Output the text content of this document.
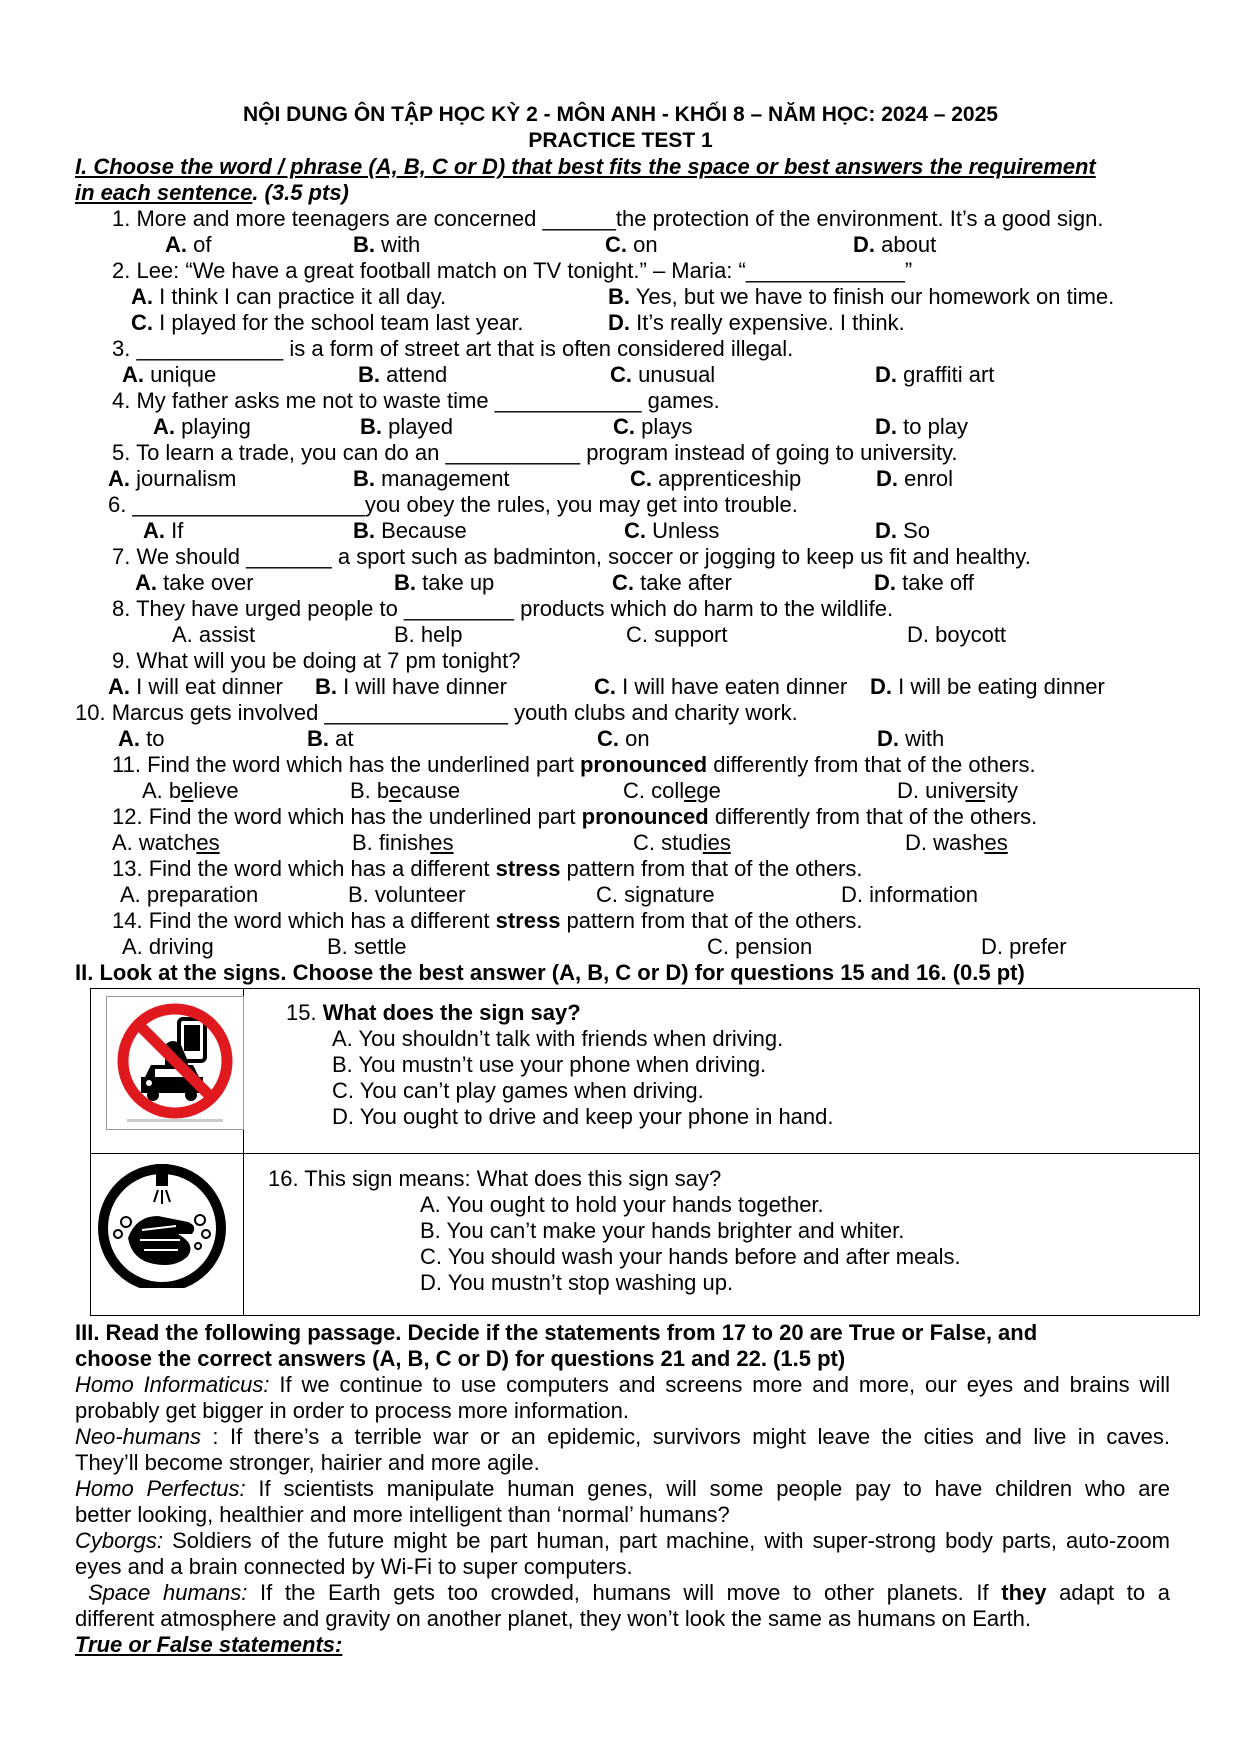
NỘI DUNG ÔN TẬP HỌC KỲ 2 - MÔN ANH - KHỐI 8 – NĂM HỌC: 2024 – 2025
PRACTICE TEST 1
I. Choose the word / phrase (A, B, C or D) that best fits the space or best answers the requirement
in each sentence. (3.5 pts)
1. More and more teenagers are concerned ______the protection of the environment. It’s a good sign.
A. of	B. with	C. on	D. about
2. Lee: “We have a great football match on TV tonight.” – Maria: “_____________”
A. I think I can practice it all day.	B. Yes, but we have to finish our homework on time.
C. I played for the school team last year.	D. It’s really expensive. I think.
3. ____________ is a form of street art that is often considered illegal.
A. unique	B. attend	C. unusual	D. graffiti art
4. My father asks me not to waste time ____________ games.
A. playing	B. played	C. plays	D. to play
5. To learn a trade, you can do an ___________ program instead of going to university.
A. journalism	B. management	C. apprenticeship	D. enrol
6. ___________________you obey the rules, you may get into trouble.
A. If	B. Because	C. Unless	D. So
7. We should _______ a sport such as badminton, soccer or jogging to keep us fit and healthy.
A. take over	B. take up	C. take after	D. take off
8. They have urged people to _________ products which do harm to the wildlife.
A. assist	B. help	C. support	D. boycott
9. What will you be doing at 7 pm tonight?
A. I will eat dinner B. I will have dinner	C. I will have eaten dinner D. I will be eating dinner
10. Marcus gets involved _______________ youth clubs and charity work.
A. to	B. at	C. on	D. with
11. Find the word which has the underlined part pronounced differently from that of the others.
A. believe	B. because	C. college	D. university
12. Find the word which has the underlined part pronounced differently from that of the others.
A. watches	B. finishes	C. studies	D. washes
13. Find the word which has a different stress pattern from that of the others.
A. preparation	B. volunteer	C. signature	D. information
14. Find the word which has a different stress pattern from that of the others.
A. driving	B. settle	C. pension	D. prefer
II. Look at the signs. Choose the best answer (A, B, C or D) for questions 15 and 16. (0.5 pt)
15. What does the sign say?
A. You shouldn’t talk with friends when driving.
B. You mustn’t use your phone when driving.
C. You can’t play games when driving.
D. You ought to drive and keep your phone in hand.
16. This sign means: What does this sign say?
A. You ought to hold your hands together.
B. You can’t make your hands brighter and whiter.
C. You should wash your hands before and after meals.
D. You mustn’t stop washing up.
III. Read the following passage. Decide if the statements from 17 to 20 are True or False, and
choose the correct answers (A, B, C or D) for questions 21 and 22. (1.5 pt)
Homo Informaticus: If we continue to use computers and screens more and more, our eyes and brains will
probably get bigger in order to process more information.
Neo-humans : If there’s a terrible war or an epidemic, survivors might leave the cities and live in caves.
They’ll become stronger, hairier and more agile.
Homo Perfectus: If scientists manipulate human genes, will some people pay to have children who are
better looking, healthier and more intelligent than ‘normal’ humans?
Cyborgs: Soldiers of the future might be part human, part machine, with super-strong body parts, auto-zoom
eyes and a brain connected by Wi-Fi to super computers.
Space humans: If the Earth gets too crowded, humans will move to other planets. If they adapt to a
different atmosphere and gravity on another planet, they won’t look the same as humans on Earth.
True or False statements:
